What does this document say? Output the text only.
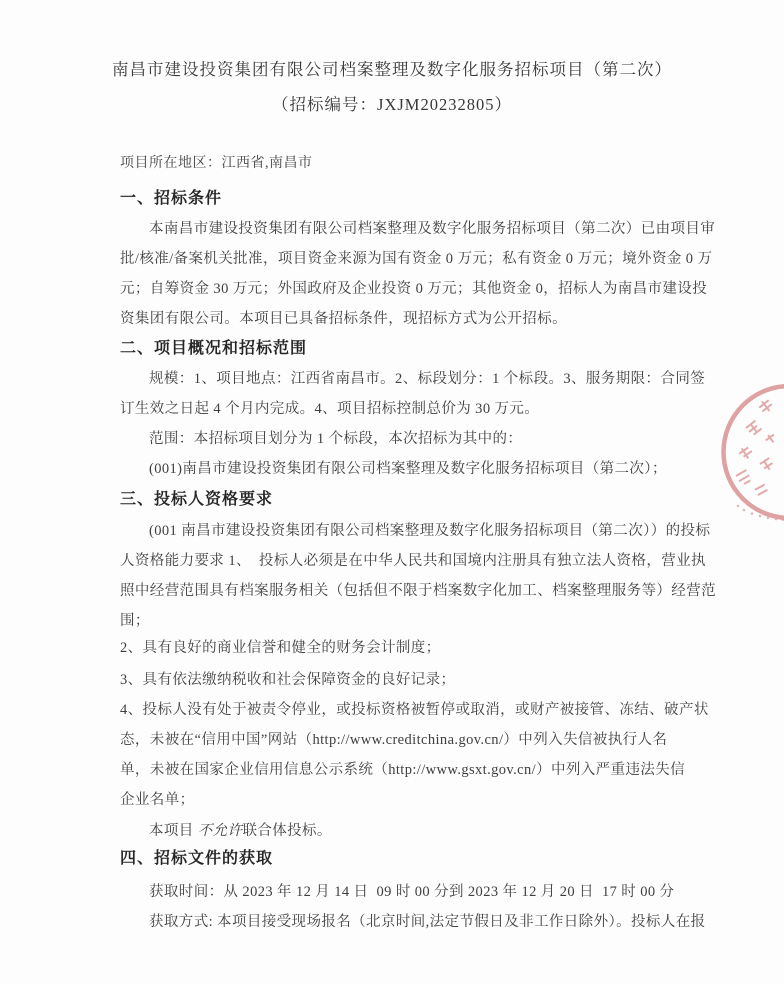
南昌市建设投资集团有限公司档案整理及数字化服务招标项目（第二次）
（招标编号：JXJM20232805）
项目所在地区：江西省,南昌市
一、招标条件
本南昌市建设投资集团有限公司档案整理及数字化服务招标项目（第二次）已由项目审
批/核准/备案机关批准，项目资金来源为国有资金 0 万元；私有资金 0 万元；境外资金 0 万
元；自筹资金 30 万元；外国政府及企业投资 0 万元；其他资金 0，招标人为南昌市建设投
资集团有限公司。本项目已具备招标条件，现招标方式为公开招标。
二、项目概况和招标范围
规模：1、项目地点：江西省南昌市。2、标段划分：1 个标段。3、服务期限：合同签
订生效之日起 4 个月内完成。4、项目招标控制总价为 30 万元。
范围：本招标项目划分为 1 个标段，本次招标为其中的：
(001)南昌市建设投资集团有限公司档案整理及数字化服务招标项目（第二次）；
三、投标人资格要求
(001 南昌市建设投资集团有限公司档案整理及数字化服务招标项目（第二次））的投标
人资格能力要求 1、  投标人必须是在中华人民共和国境内注册具有独立法人资格，营业执
照中经营范围具有档案服务相关（包括但不限于档案数字化加工、档案整理服务等）经营范
围；
2、具有良好的商业信誉和健全的财务会计制度；
3、具有依法缴纳税收和社会保障资金的良好记录；
4、投标人没有处于被责令停业，或投标资格被暂停或取消，或财产被接管、冻结、破产状
态，未被在“信用中国”网站（http://www.creditchina.gov.cn/）中列入失信被执行人名
单，未被在国家企业信用信息公示系统（http://www.gsxt.gov.cn/）中列入严重违法失信
企业名单；
本项目 不允许联合体投标。
四、招标文件的获取
获取时间：从 2023 年 12 月 14 日  09 时 00 分到 2023 年 12 月 20 日  17 时 00 分
获取方式: 本项目接受现场报名（北京时间,法定节假日及非工作日除外）。投标人在报
